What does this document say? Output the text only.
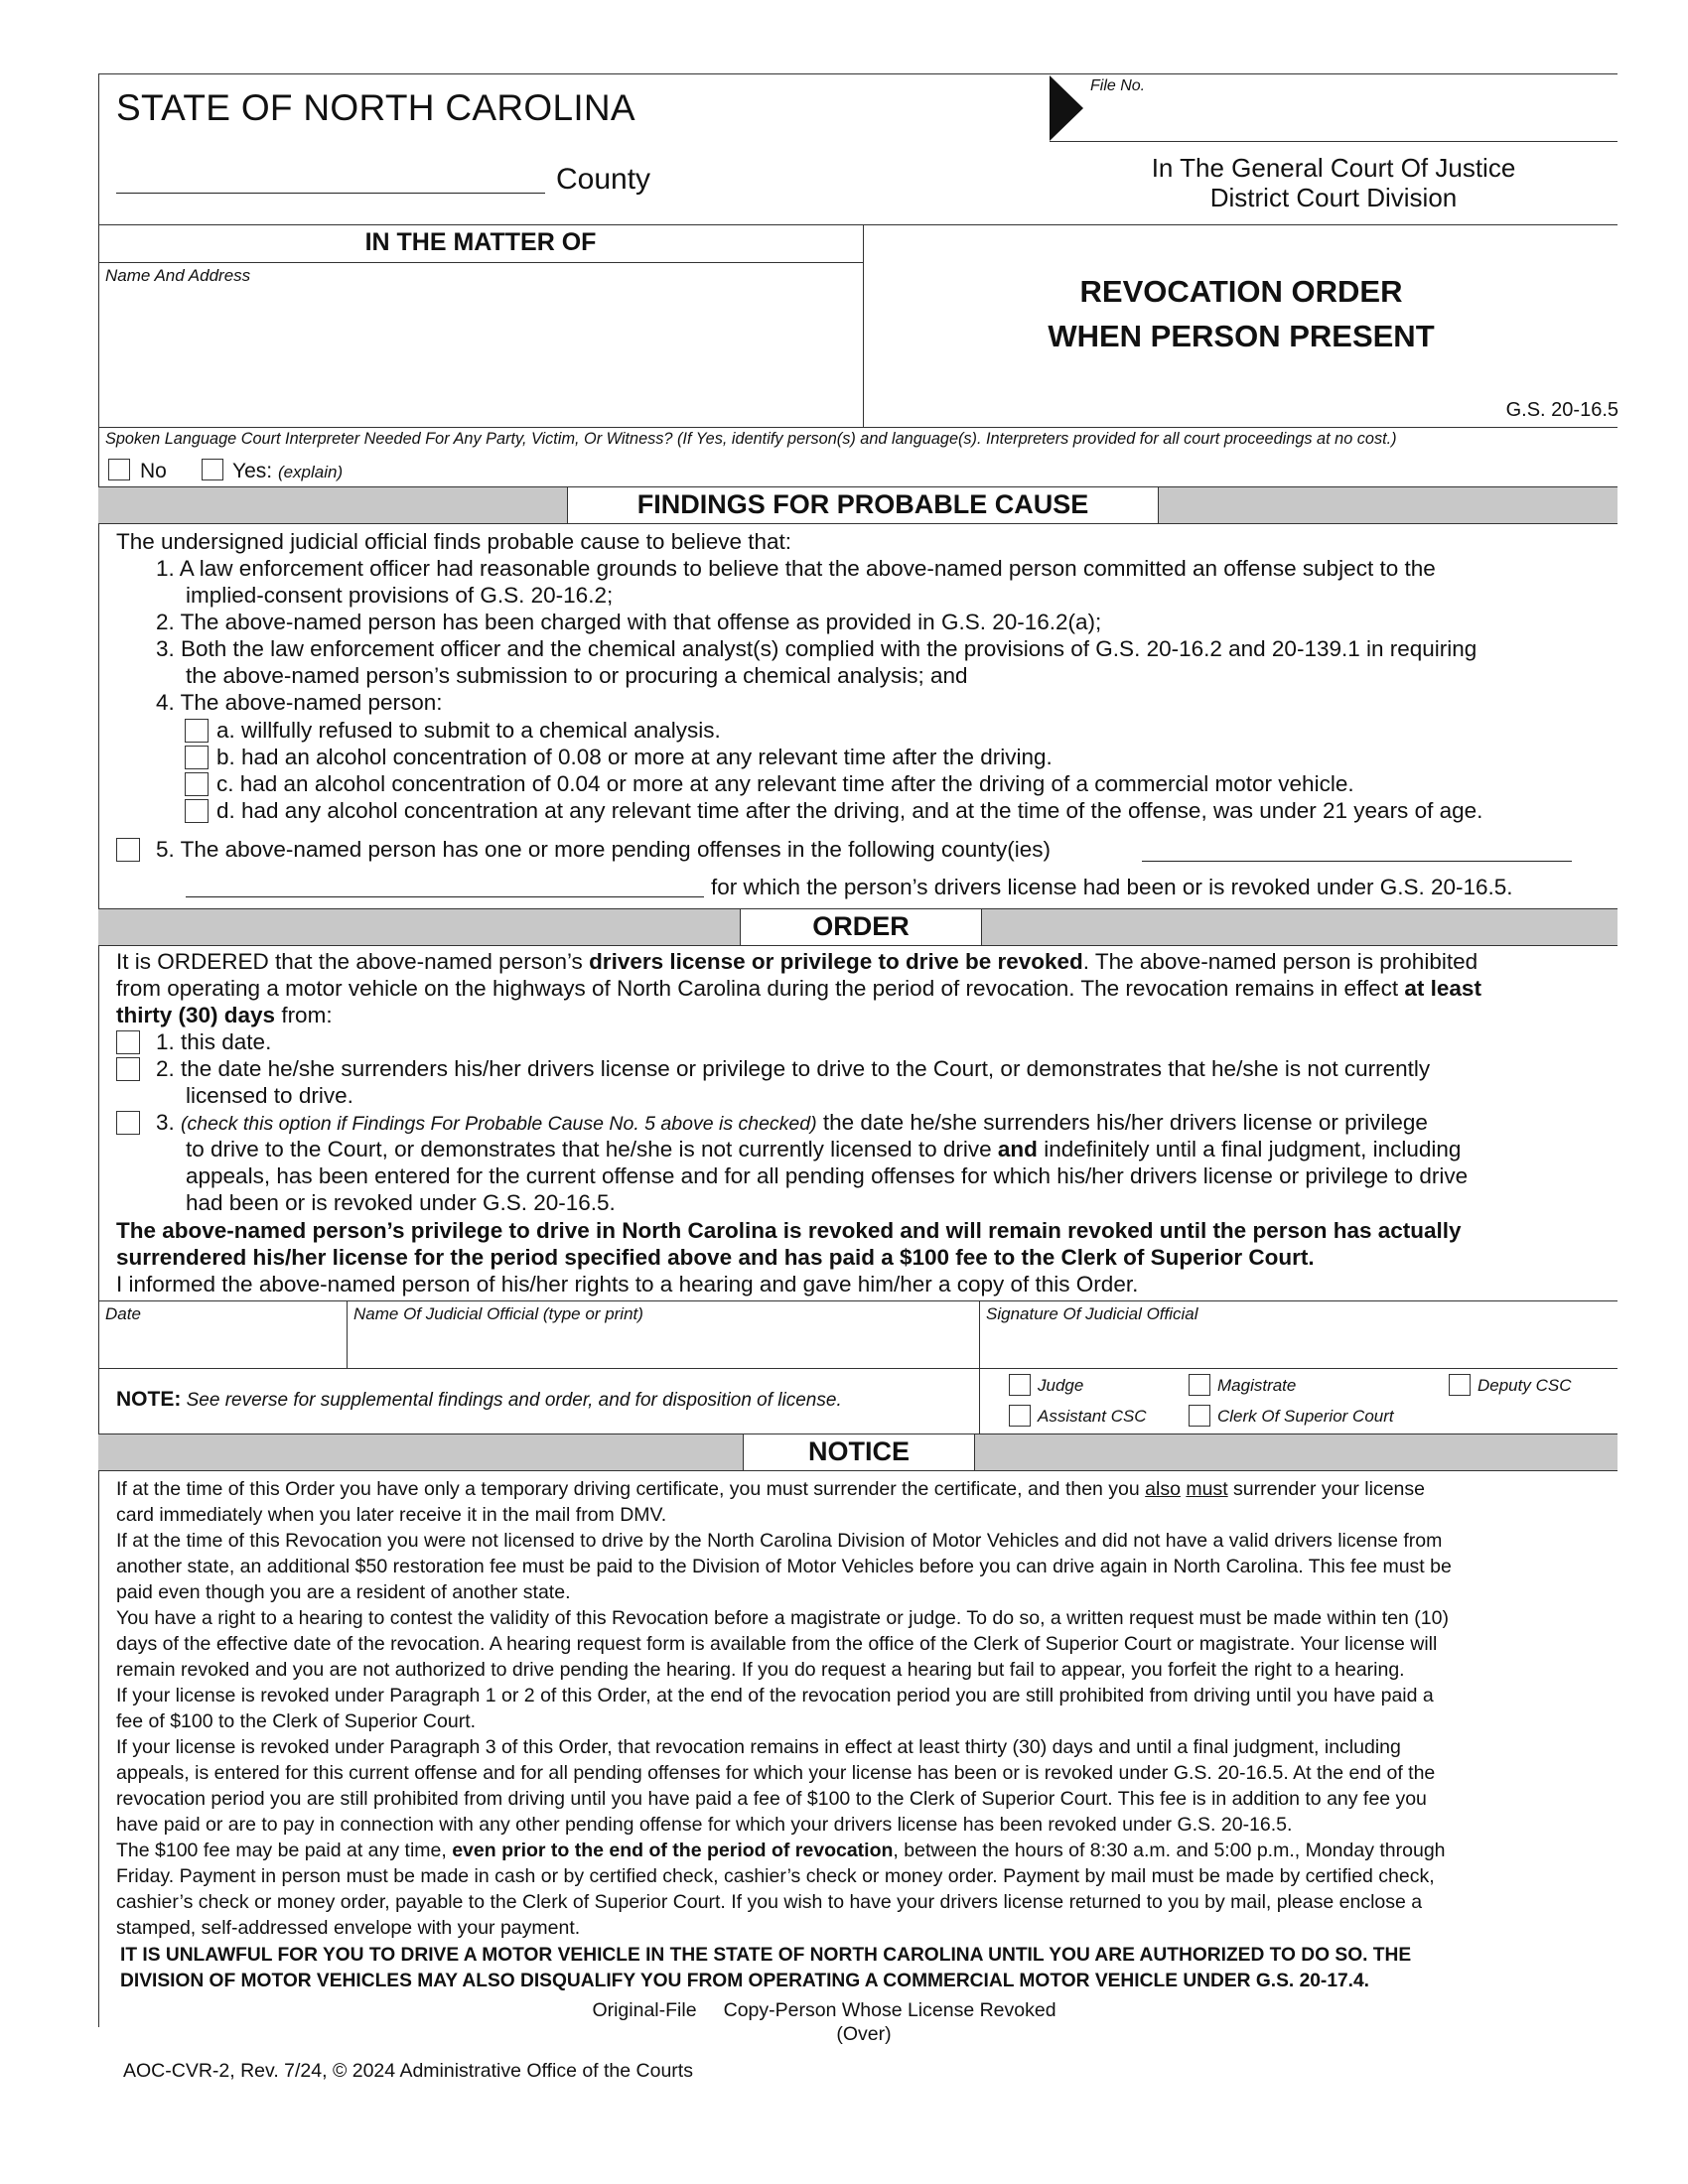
STATE OF NORTH CAROLINA
County
File No.
In The General Court Of Justice
District Court Division
IN THE MATTER OF
Name And Address	REVOCATION ORDER
WHEN PERSON PRESENT
G.S. 20-16.5
Spoken Language Court Interpreter Needed For Any Party, Victim, Or Witness? (If Yes, identify person(s) and language(s). Interpreters provided for all court proceedings at no cost.)
No	Yes: (explain)
FINDINGS FOR PROBABLE CAUSE
The undersigned judicial official finds probable cause to believe that:
1. A law enforcement officer had reasonable grounds to believe that the above-named person committed an offense subject to the
implied-consent provisions of G.S. 20-16.2;
2. The above-named person has been charged with that offense as provided in G.S. 20-16.2(a);
3. Both the law enforcement officer and the chemical analyst(s) complied with the provisions of G.S. 20-16.2 and 20-139.1 in requiring
the above-named person’s submission to or procuring a chemical analysis; and
4. The above-named person:
a. willfully refused to submit to a chemical analysis.
b. had an alcohol concentration of 0.08 or more at any relevant time after the driving.
c. had an alcohol concentration of 0.04 or more at any relevant time after the driving of a commercial motor vehicle.
d. had any alcohol concentration at any relevant time after the driving, and at the time of the offense, was under 21 years of age.
5. The above-named person has one or more pending offenses in the following county(ies)
for which the person’s drivers license had been or is revoked under G.S. 20-16.5.
ORDER
It is ORDERED that the above-named person’s drivers license or privilege to drive be revoked. The above-named person is prohibited
from operating a motor vehicle on the highways of North Carolina during the period of revocation. The revocation remains in effect at least
thirty (30) days from:
1. this date.
2. the date he/she surrenders his/her drivers license or privilege to drive to the Court, or demonstrates that he/she is not currently
licensed to drive.
3. (check this option if Findings For Probable Cause No. 5 above is checked) the date he/she surrenders his/her drivers license or privilege
to drive to the Court, or demonstrates that he/she is not currently licensed to drive and indefinitely until a final judgment, including
appeals, has been entered for the current offense and for all pending offenses for which his/her drivers license or privilege to drive
had been or is revoked under G.S. 20-16.5.
The above-named person’s privilege to drive in North Carolina is revoked and will remain revoked until the person has actually
surrendered his/her license for the period specified above and has paid a $100 fee to the Clerk of Superior Court.
I informed the above-named person of his/her rights to a hearing and gave him/her a copy of this Order.
Date	Name Of Judicial Official (type or print)	Signature Of Judicial Official
NOTE: See reverse for supplemental findings and order, and for disposition of license.
Judge	Magistrate	Deputy CSC
Assistant CSC	Clerk Of Superior Court
NOTICE
If at the time of this Order you have only a temporary driving certificate, you must surrender the certificate, and then you also must surrender your license
card immediately when you later receive it in the mail from DMV.
If at the time of this Revocation you were not licensed to drive by the North Carolina Division of Motor Vehicles and did not have a valid drivers license from
another state, an additional $50 restoration fee must be paid to the Division of Motor Vehicles before you can drive again in North Carolina. This fee must be
paid even though you are a resident of another state.
You have a right to a hearing to contest the validity of this Revocation before a magistrate or judge. To do so, a written request must be made within ten (10)
days of the effective date of the revocation. A hearing request form is available from the office of the Clerk of Superior Court or magistrate. Your license will
remain revoked and you are not authorized to drive pending the hearing. If you do request a hearing but fail to appear, you forfeit the right to a hearing.
If your license is revoked under Paragraph 1 or 2 of this Order, at the end of the revocation period you are still prohibited from driving until you have paid a
fee of $100 to the Clerk of Superior Court.
If your license is revoked under Paragraph 3 of this Order, that revocation remains in effect at least thirty (30) days and until a final judgment, including
appeals, is entered for this current offense and for all pending offenses for which your license has been or is revoked under G.S. 20-16.5. At the end of the
revocation period you are still prohibited from driving until you have paid a fee of $100 to the Clerk of Superior Court. This fee is in addition to any fee you
have paid or are to pay in connection with any other pending offense for which your drivers license has been revoked under G.S. 20-16.5.
The $100 fee may be paid at any time, even prior to the end of the period of revocation, between the hours of 8:30 a.m. and 5:00 p.m., Monday through
Friday. Payment in person must be made in cash or by certified check, cashier’s check or money order. Payment by mail must be made by certified check,
cashier’s check or money order, payable to the Clerk of Superior Court. If you wish to have your drivers license returned to you by mail, please enclose a
stamped, self-addressed envelope with your payment.
IT IS UNLAWFUL FOR YOU TO DRIVE A MOTOR VEHICLE IN THE STATE OF NORTH CAROLINA UNTIL YOU ARE AUTHORIZED TO DO SO. THE
DIVISION OF MOTOR VEHICLES MAY ALSO DISQUALIFY YOU FROM OPERATING A COMMERCIAL MOTOR VEHICLE UNDER G.S. 20-17.4.
Original-File     Copy-Person Whose License Revoked
(Over)
AOC-CVR-2, Rev. 7/24, © 2024 Administrative Office of the Courts
